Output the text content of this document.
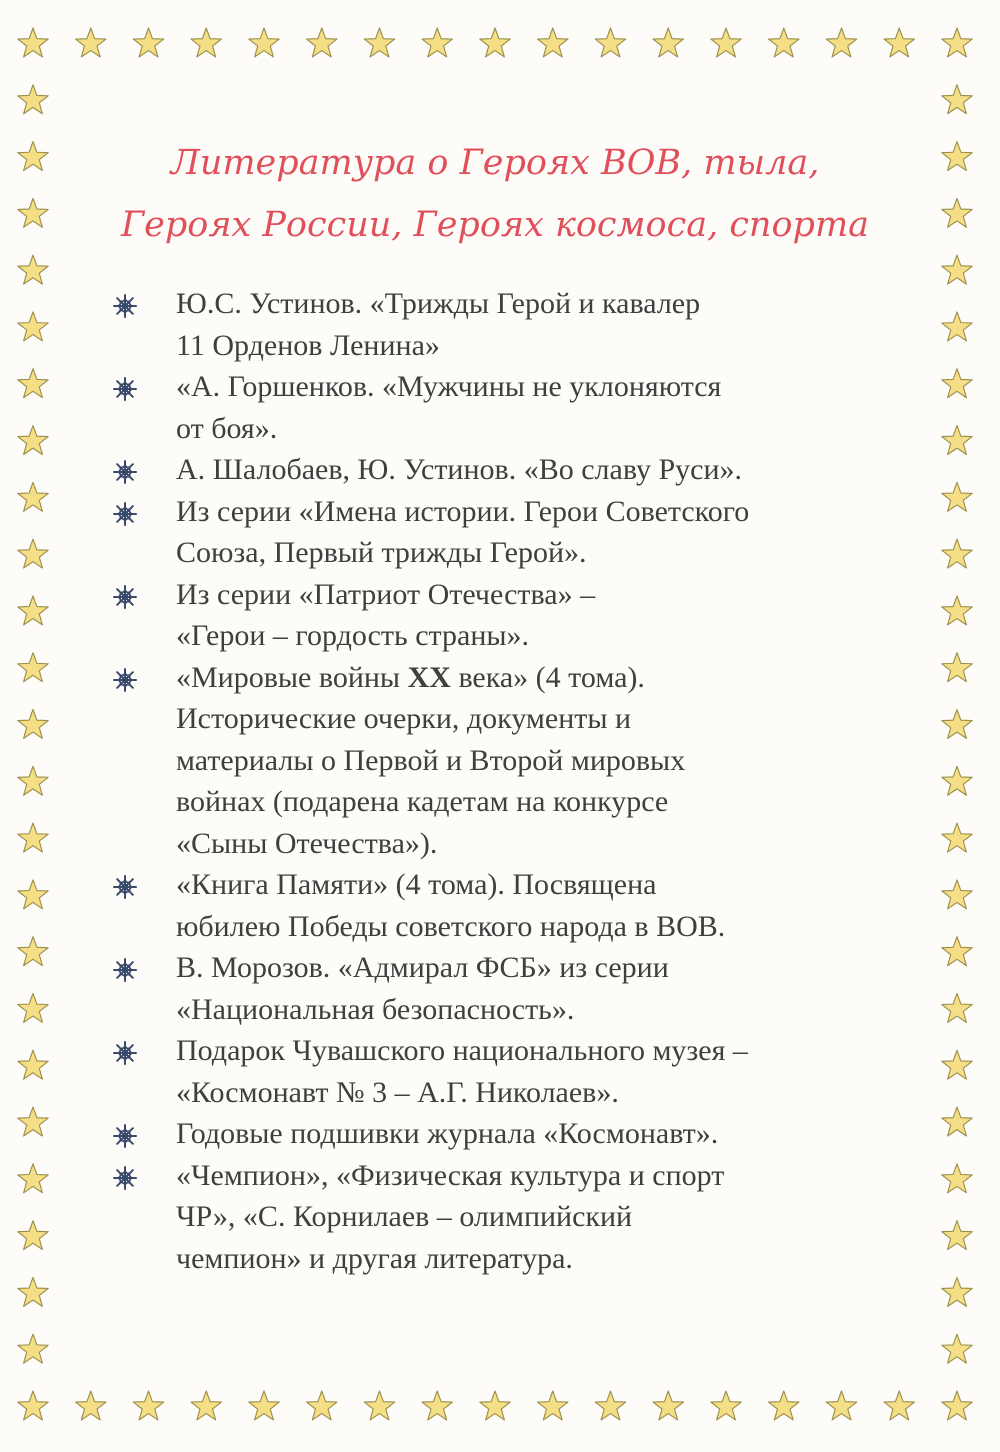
Литература о Героях ВОВ, тыла,
Героях России, Героях космоса, спорта
Ю.С. Устинов. «Трижды Герой и кавалер
11 Орденов Ленина»
«А. Горшенков. «Мужчины не уклоняются
от боя».
А. Шалобаев, Ю. Устинов. «Во славу Руси».
Из серии «Имена истории. Герои Советского
Союза, Первый трижды Герой».
Из серии «Патриот Отечества» –
«Герои – гордость страны».
«Мировые войны XX века» (4 тома).
Исторические очерки, документы и
материалы о Первой и Второй мировых
войнах (подарена кадетам на конкурсе
«Сыны Отечества»).
«Книга Памяти» (4 тома). Посвящена
юбилею Победы советского народа в ВОВ.
В. Морозов. «Адмирал ФСБ» из серии
«Национальная безопасность».
Подарок Чувашского национального музея –
«Космонавт № 3 – А.Г. Николаев».
Годовые подшивки журнала «Космонавт».
«Чемпион», «Физическая культура и спорт
ЧР», «С. Корнилаев – олимпийский
чемпион» и другая литература.
